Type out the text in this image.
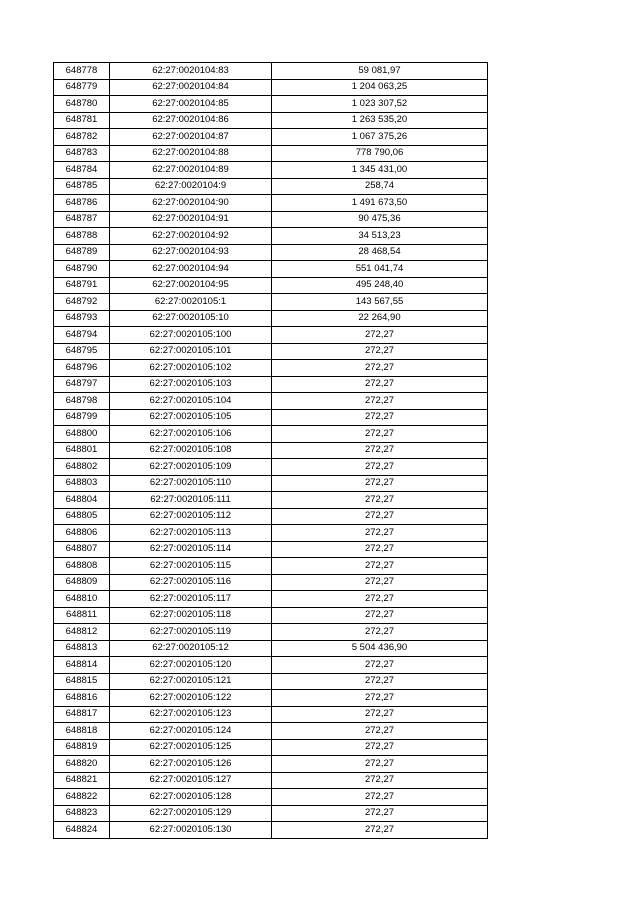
648778	62:27:0020104:83	59 081,97
648779	62:27:0020104:84	1 204 063,25
648780	62:27:0020104:85	1 023 307,52
648781	62:27:0020104:86	1 263 535,20
648782	62:27:0020104:87	1 067 375,26
648783	62:27:0020104:88	778 790,06
648784	62:27:0020104:89	1 345 431,00
648785	62:27:0020104:9	258,74
648786	62:27:0020104:90	1 491 673,50
648787	62:27:0020104:91	90 475,36
648788	62:27:0020104:92	34 513,23
648789	62:27:0020104:93	28 468,54
648790	62:27:0020104:94	551 041,74
648791	62:27:0020104:95	495 248,40
648792	62:27:0020105:1	143 567,55
648793	62:27:0020105:10	22 264,90
648794	62:27:0020105:100	272,27
648795	62:27:0020105:101	272,27
648796	62:27:0020105:102	272,27
648797	62:27:0020105:103	272,27
648798	62:27:0020105:104	272,27
648799	62:27:0020105:105	272,27
648800	62:27:0020105:106	272,27
648801	62:27:0020105:108	272,27
648802	62:27:0020105:109	272,27
648803	62:27:0020105:110	272,27
648804	62:27:0020105:111	272,27
648805	62:27:0020105:112	272,27
648806	62:27:0020105:113	272,27
648807	62:27:0020105:114	272,27
648808	62:27:0020105:115	272,27
648809	62:27:0020105:116	272,27
648810	62:27:0020105:117	272,27
648811	62:27:0020105:118	272,27
648812	62:27:0020105:119	272,27
648813	62:27:0020105:12	5 504 436,90
648814	62:27:0020105:120	272,27
648815	62:27:0020105:121	272,27
648816	62:27:0020105:122	272,27
648817	62:27:0020105:123	272,27
648818	62:27:0020105:124	272,27
648819	62:27:0020105:125	272,27
648820	62:27:0020105:126	272,27
648821	62:27:0020105:127	272,27
648822	62:27:0020105:128	272,27
648823	62:27:0020105:129	272,27
648824	62:27:0020105:130	272,27
